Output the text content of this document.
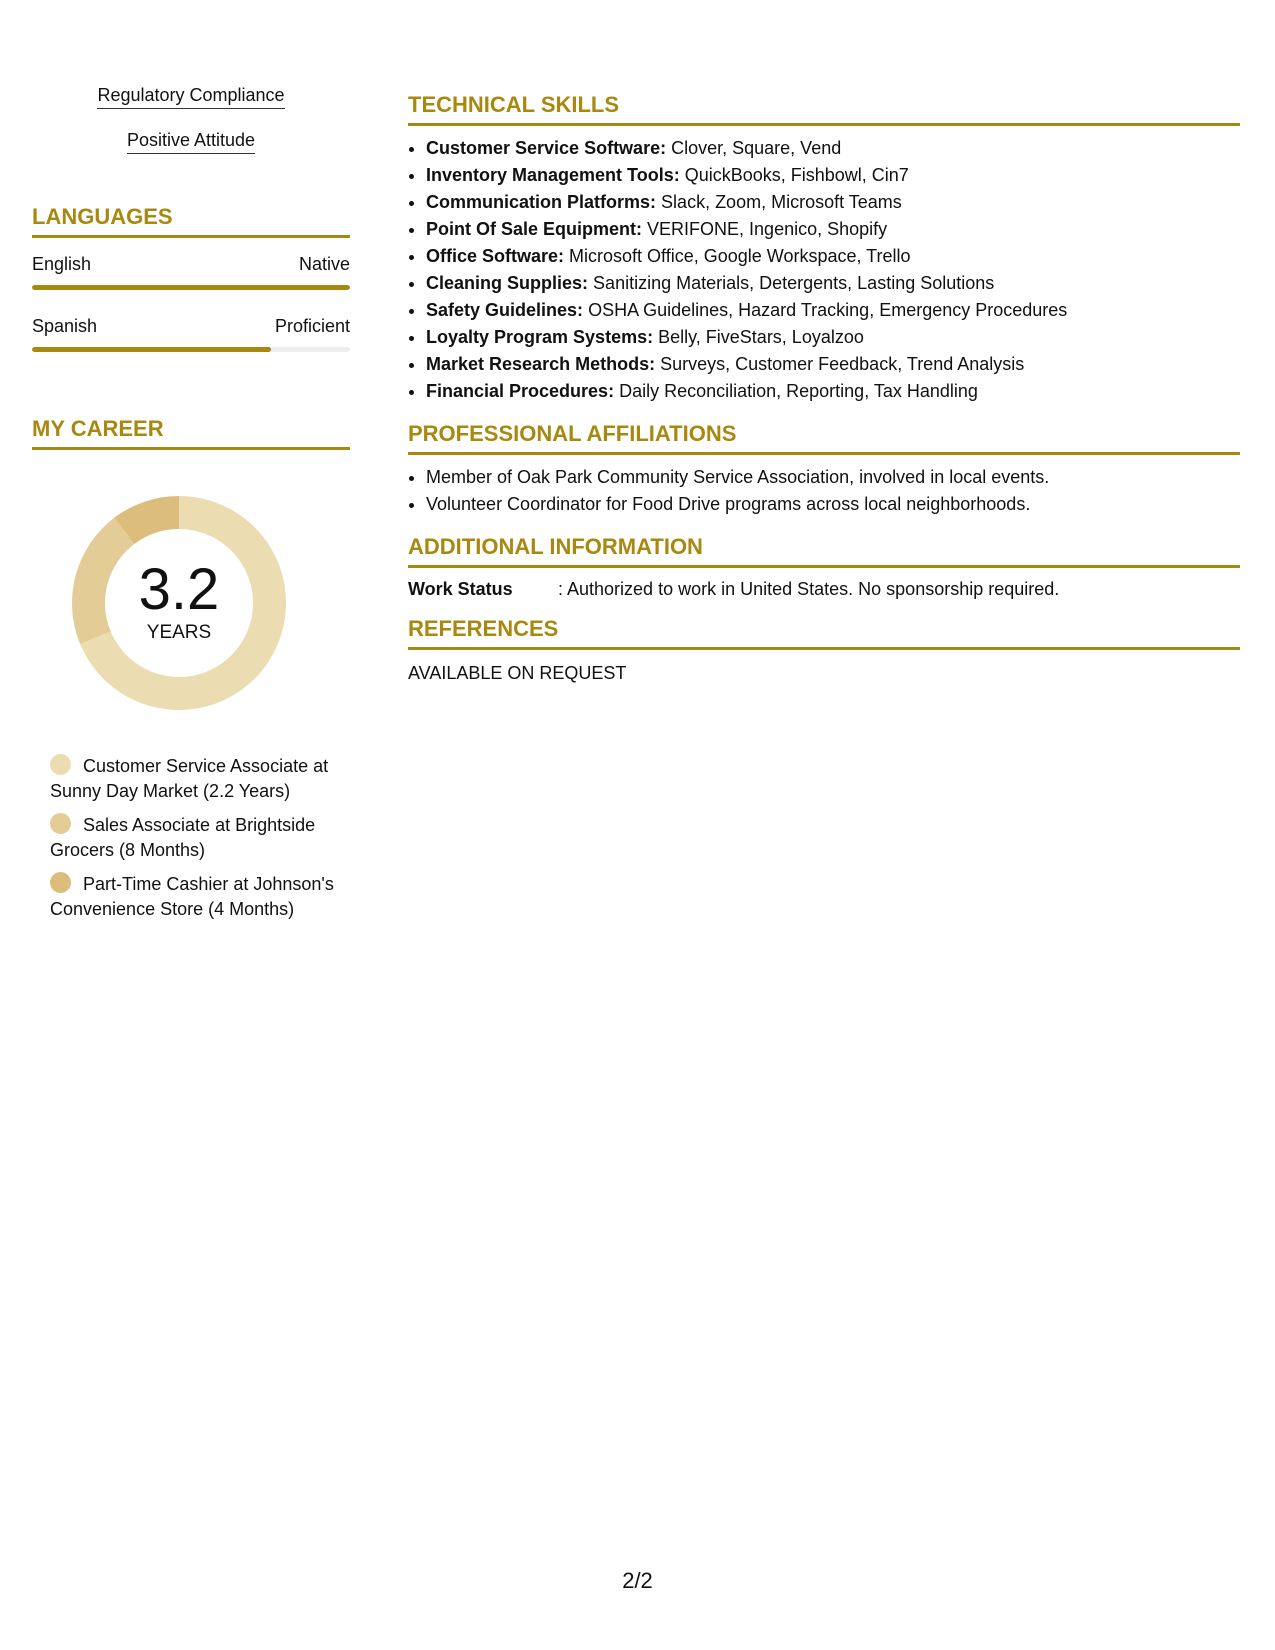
Regulatory Compliance
Positive Attitude
LANGUAGES
English	Native
Spanish	Proficient
MY CAREER
3.2
YEARS
Customer Service Associate at Sunny Day Market (2.2 Years)
Sales Associate at Brightside Grocers (8 Months)
Part-Time Cashier at Johnson's Convenience Store (4 Months)
TECHNICAL SKILLS
• Customer Service Software: Clover, Square, Vend
• Inventory Management Tools: QuickBooks, Fishbowl, Cin7
• Communication Platforms: Slack, Zoom, Microsoft Teams
• Point Of Sale Equipment: VERIFONE, Ingenico, Shopify
• Office Software: Microsoft Office, Google Workspace, Trello
• Cleaning Supplies: Sanitizing Materials, Detergents, Lasting Solutions
• Safety Guidelines: OSHA Guidelines, Hazard Tracking, Emergency Procedures
• Loyalty Program Systems: Belly, FiveStars, Loyalzoo
• Market Research Methods: Surveys, Customer Feedback, Trend Analysis
• Financial Procedures: Daily Reconciliation, Reporting, Tax Handling
PROFESSIONAL AFFILIATIONS
• Member of Oak Park Community Service Association, involved in local events.
• Volunteer Coordinator for Food Drive programs across local neighborhoods.
ADDITIONAL INFORMATION
Work Status	: Authorized to work in United States. No sponsorship required.
REFERENCES
AVAILABLE ON REQUEST
2/2
